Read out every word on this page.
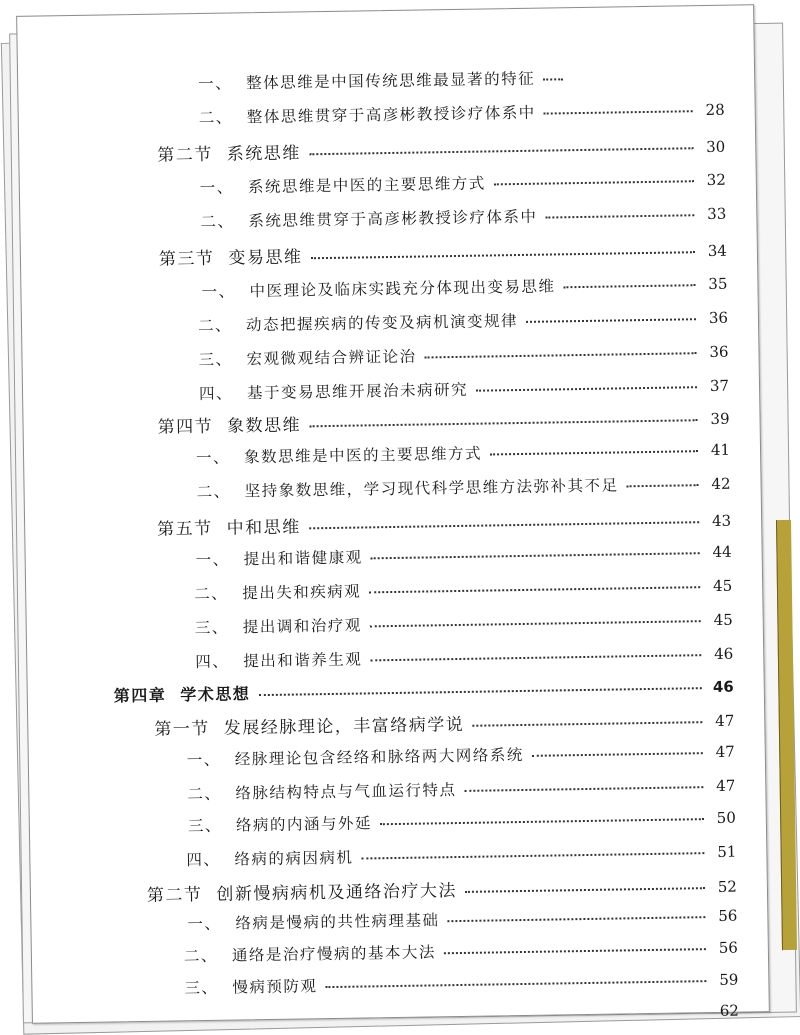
一、 整体思维是中国传统思维最显著的特征
二、 整体思维贯穿于高彦彬教授诊疗体系中	28
第二节 系统思维	30
一、 系统思维是中医的主要思维方式	32
二、 系统思维贯穿于高彦彬教授诊疗体系中	33
第三节 变易思维	34
一、 中医理论及临床实践充分体现出变易思维	35
二、 动态把握疾病的传变及病机演变规律	36
三、 宏观微观结合辨证论治	36
四、 基于变易思维开展治未病研究	37
第四节 象数思维	39
一、 象数思维是中医的主要思维方式	41
二、 坚持象数思维，学习现代科学思维方法弥补其不足	42
第五节 中和思维	43
一、 提出和谐健康观	44
二、 提出失和疾病观	45
三、 提出调和治疗观	45
四、 提出和谐养生观	46
第四章 学术思想	46
第一节 发展经脉理论，丰富络病学说	47
一、 经脉理论包含经络和脉络两大网络系统	47
二、 络脉结构特点与气血运行特点	47
三、 络病的内涵与外延	50
四、 络病的病因病机	51
第二节 创新慢病病机及通络治疗大法	52
一、 络病是慢病的共性病理基础	56
二、 通络是治疗慢病的基本大法	56
三、 慢病预防观	59
62
